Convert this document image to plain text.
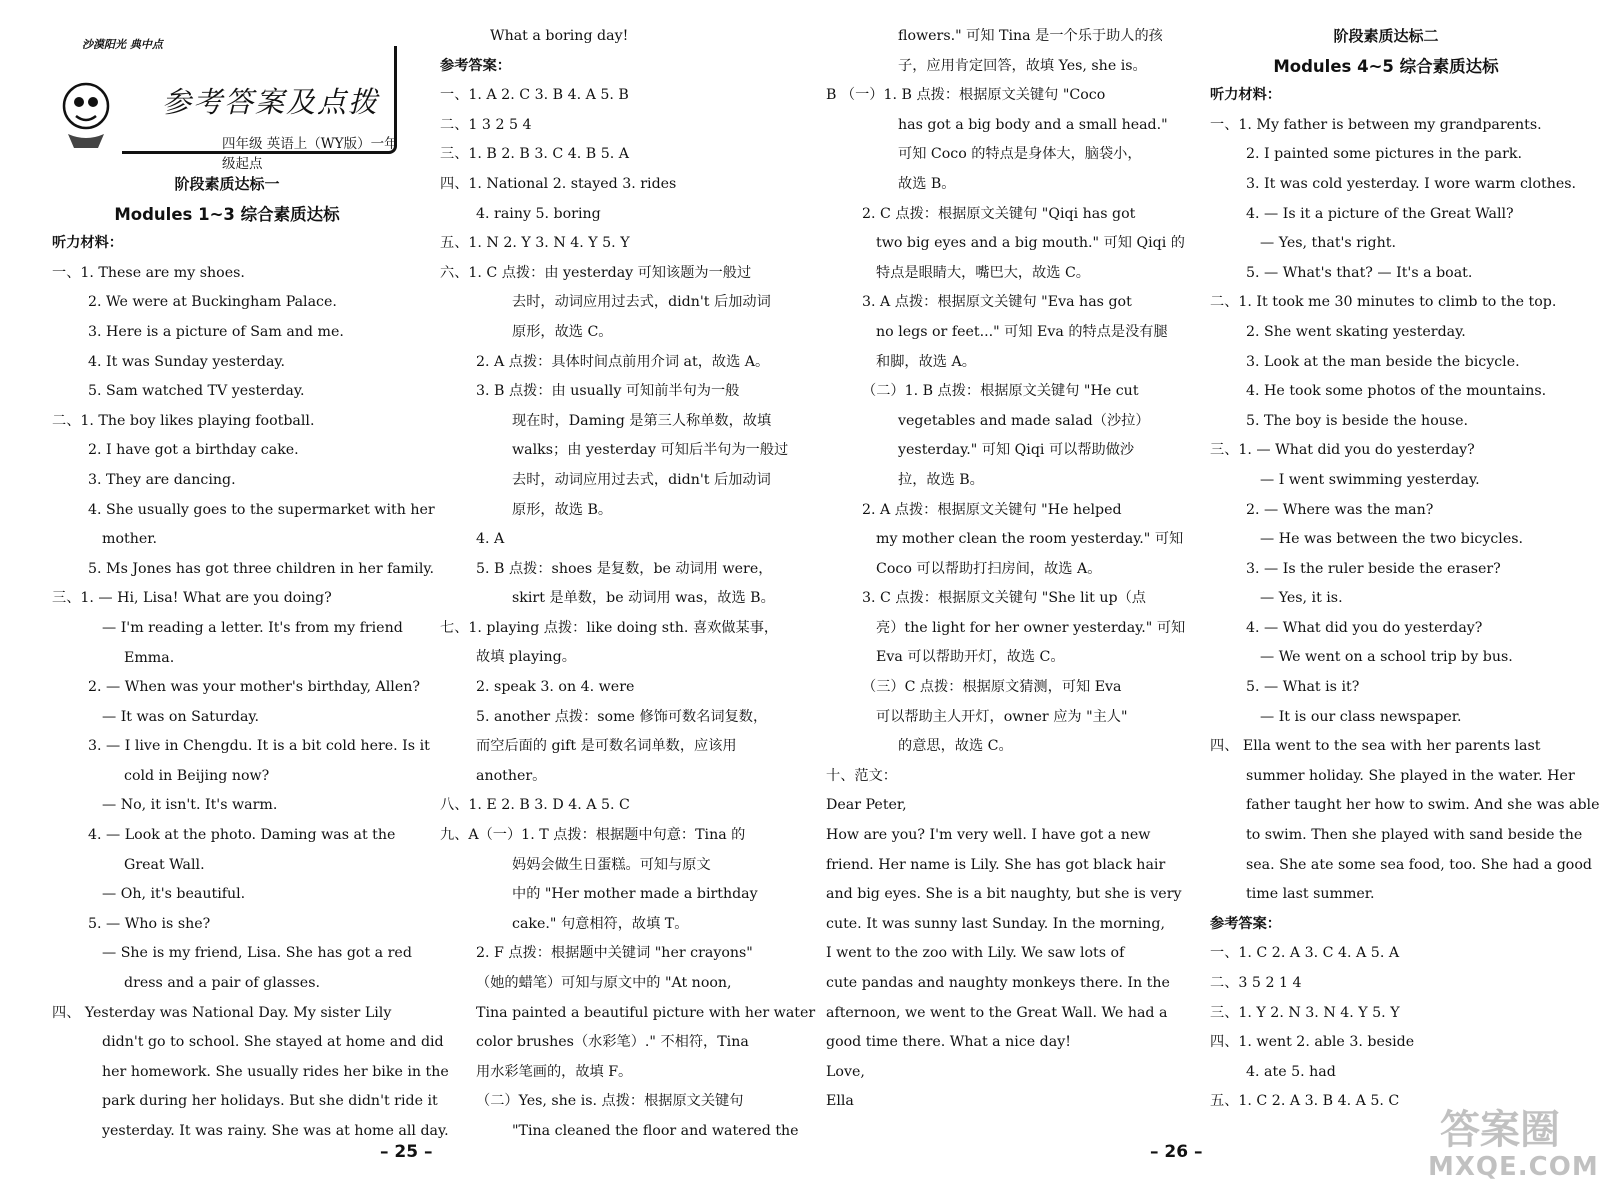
沙漠阳光 典中点
参考答案及点拨
四年级 英语上（WY版）一年级起点
阶段素质达标一
Modules 1~3 综合素质达标
听力材料：
一、1. These are my shoes.
2. We were at Buckingham Palace.
3. Here is a picture of Sam and me.
4. It was Sunday yesterday.
5. Sam watched TV yesterday.
二、1. The boy likes playing football.
2. I have got a birthday cake.
3. They are dancing.
4. She usually goes to the supermarket with her
mother.
5. Ms Jones has got three children in her family.
三、1. — Hi, Lisa! What are you doing?
— I'm reading a letter. It's from my friend
Emma.
2. — When was your mother's birthday, Allen?
— It was on Saturday.
3. — I live in Chengdu. It is a bit cold here. Is it
cold in Beijing now?
— No, it isn't. It's warm.
4. — Look at the photo. Daming was at the
Great Wall.
— Oh, it's beautiful.
5. — Who is she?
— She is my friend, Lisa. She has got a red
dress and a pair of glasses.
四、 Yesterday was National Day. My sister Lily
didn't go to school. She stayed at home and did
her homework. She usually rides her bike in the
park during her holidays. But she didn't ride it
yesterday. It was rainy. She was at home all day.
What a boring day!
参考答案：
一、1. A 2. C 3. B 4. A 5. B
二、1 3 2 5 4
三、1. B 2. B 3. C 4. B 5. A
四、1. National 2. stayed 3. rides
4. rainy 5. boring
五、1. N 2. Y 3. N 4. Y 5. Y
六、1. C 点拨：由 yesterday 可知该题为一般过
去时，动词应用过去式，didn't 后加动词
原形，故选 C。
2. A 点拨：具体时间点前用介词 at，故选 A。
3. B 点拨：由 usually 可知前半句为一般
现在时，Daming 是第三人称单数，故填
walks；由 yesterday 可知后半句为一般过
去时，动词应用过去式，didn't 后加动词
原形，故选 B。
4. A
5. B 点拨：shoes 是复数，be 动词用 were，
skirt 是单数，be 动词用 was，故选 B。
七、1. playing 点拨：like doing sth. 喜欢做某事，
故填 playing。
2. speak 3. on 4. were
5. another 点拨：some 修饰可数名词复数，
而空后面的 gift 是可数名词单数，应该用
another。
八、1. E 2. B 3. D 4. A 5. C
九、A（一）1. T 点拨：根据题中句意：Tina 的
妈妈会做生日蛋糕。可知与原文
中的 "Her mother made a birthday
cake." 句意相符，故填 T。
2. F 点拨：根据题中关键词 "her crayons"
（她的蜡笔）可知与原文中的 "At noon,
Tina painted a beautiful picture with her water
color brushes（水彩笔）." 不相符，Tina
用水彩笔画的，故填 F。
（二）Yes, she is. 点拨：根据原文关键句
"Tina cleaned the floor and watered the
flowers." 可知 Tina 是一个乐于助人的孩
子，应用肯定回答，故填 Yes, she is。
B （一）1. B 点拨：根据原文关键句 "Coco
has got a big body and a small head."
可知 Coco 的特点是身体大，脑袋小，
故选 B。
2. C 点拨：根据原文关键句 "Qiqi has got
two big eyes and a big mouth." 可知 Qiqi 的
特点是眼睛大，嘴巴大，故选 C。
3. A 点拨：根据原文关键句 "Eva has got
no legs or feet..." 可知 Eva 的特点是没有腿
和脚，故选 A。
（二）1. B 点拨：根据原文关键句 "He cut
vegetables and made salad（沙拉）
yesterday." 可知 Qiqi 可以帮助做沙
拉，故选 B。
2. A 点拨：根据原文关键句 "He helped
my mother clean the room yesterday." 可知
Coco 可以帮助打扫房间，故选 A。
3. C 点拨：根据原文关键句 "She lit up（点
亮）the light for her owner yesterday." 可知
Eva 可以帮助开灯，故选 C。
（三）C 点拨：根据原文猜测，可知 Eva
可以帮助主人开灯，owner 应为 "主人"
的意思，故选 C。
十、范文：
Dear Peter,
How are you? I'm very well. I have got a new
friend. Her name is Lily. She has got black hair
and big eyes. She is a bit naughty, but she is very
cute. It was sunny last Sunday. In the morning,
I went to the zoo with Lily. We saw lots of
cute pandas and naughty monkeys there. In the
afternoon, we went to the Great Wall. We had a
good time there. What a nice day!
Love,
Ella
阶段素质达标二
Modules 4~5 综合素质达标
听力材料：
一、1. My father is between my grandparents.
2. I painted some pictures in the park.
3. It was cold yesterday. I wore warm clothes.
4. — Is it a picture of the Great Wall?
— Yes, that's right.
5. — What's that? — It's a boat.
二、1. It took me 30 minutes to climb to the top.
2. She went skating yesterday.
3. Look at the man beside the bicycle.
4. He took some photos of the mountains.
5. The boy is beside the house.
三、1. — What did you do yesterday?
— I went swimming yesterday.
2. — Where was the man?
— He was between the two bicycles.
3. — Is the ruler beside the eraser?
— Yes, it is.
4. — What did you do yesterday?
— We went on a school trip by bus.
5. — What is it?
— It is our class newspaper.
四、 Ella went to the sea with her parents last
summer holiday. She played in the water. Her
father taught her how to swim. And she was able
to swim. Then she played with sand beside the
sea. She ate some sea food, too. She had a good
time last summer.
参考答案：
一、1. C 2. A 3. C 4. A 5. A
二、3 5 2 1 4
三、1. Y 2. N 3. N 4. Y 5. Y
四、1. went 2. able 3. beside
4. ate 5. had
五、1. C 2. A 3. B 4. A 5. C
– 25 –	– 26 –	答案圈
MXQE.COM
